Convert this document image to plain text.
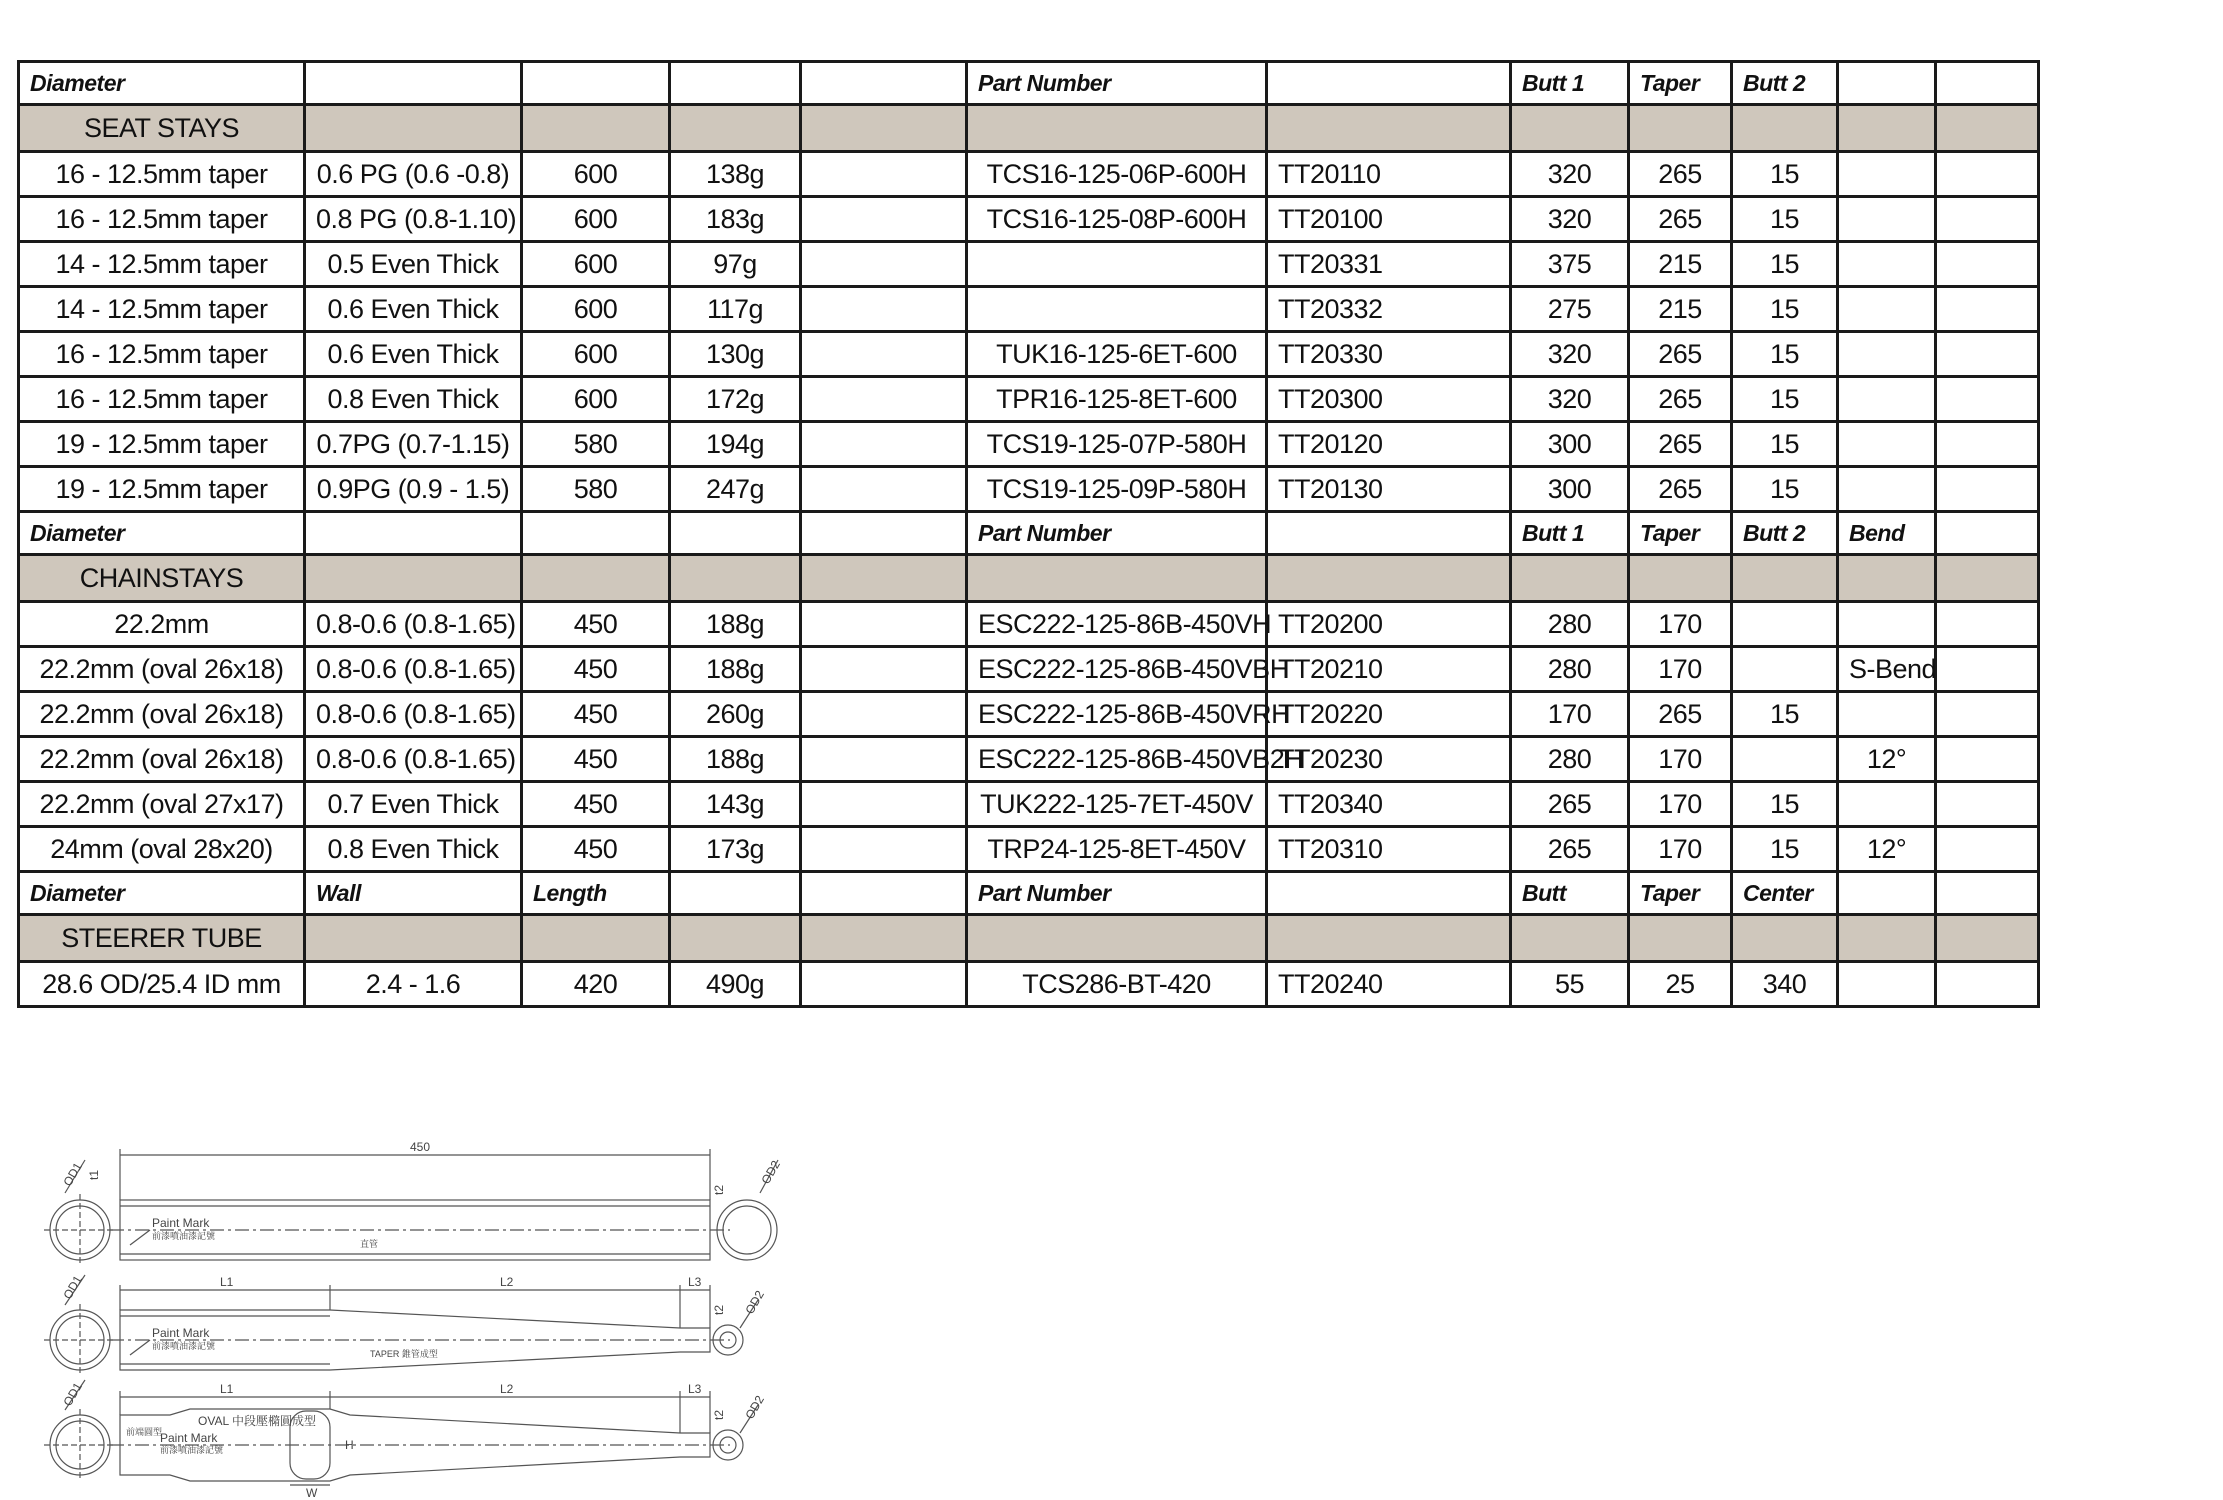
Diameter					Part Number		Butt 1	Taper	Butt 2		
SEAT STAYS											
16 - 12.5mm taper	0.6 PG (0.6 -0.8)	600	138g		TCS16-125-06P-600H	TT20110	320	265	15		
16 - 12.5mm taper	0.8 PG (0.8-1.10)	600	183g		TCS16-125-08P-600H	TT20100	320	265	15		
14 - 12.5mm taper	0.5 Even Thick	600	97g			TT20331	375	215	15		
14 - 12.5mm taper	0.6 Even Thick	600	117g			TT20332	275	215	15		
16 - 12.5mm taper	0.6 Even Thick	600	130g		TUK16-125-6ET-600	TT20330	320	265	15		
16 - 12.5mm taper	0.8 Even Thick	600	172g		TPR16-125-8ET-600	TT20300	320	265	15		
19 - 12.5mm taper	0.7PG (0.7-1.15)	580	194g		TCS19-125-07P-580H	TT20120	300	265	15		
19 - 12.5mm taper	0.9PG (0.9 - 1.5)	580	247g		TCS19-125-09P-580H	TT20130	300	265	15		
Diameter					Part Number		Butt 1	Taper	Butt 2	Bend	
CHAINSTAYS											
22.2mm	0.8-0.6 (0.8-1.65)	450	188g		ESC222-125-86B-450VH	TT20200	280	170			
22.2mm (oval 26x18)	0.8-0.6 (0.8-1.65)	450	188g		ESC222-125-86B-450VBH	TT20210	280	170		S-Bend	
22.2mm (oval 26x18)	0.8-0.6 (0.8-1.65)	450	260g		ESC222-125-86B-450VRH	TT20220	170	265	15		
22.2mm (oval 26x18)	0.8-0.6 (0.8-1.65)	450	188g		ESC222-125-86B-450VB2H	TT20230	280	170		12°	
22.2mm (oval 27x17)	0.7 Even Thick	450	143g		TUK222-125-7ET-450V	TT20340	265	170	15		
24mm (oval 28x20)	0.8 Even Thick	450	173g		TRP24-125-8ET-450V	TT20310	265	170	15	12°	
Diameter	Wall	Length			Part Number		Butt	Taper	Center		
STEERER TUBE											
28.6 OD/25.4 ID mm	2.4 - 1.6	420	490g		TCS286-BT-420	TT20240	55	25	340		
450
OD1 t1
t2
OD2
Paint Mark
前漆噴油漆記號
直管
L1	L2	L3
OD1
t2 OD2
Paint Mark
前漆噴油漆記號
TAPER 錐管成型
L1	L2	L3
OD1
t2 OD2
前端圓型
OVAL 中段壓橢圓成型
Paint Mark
前漆噴油漆記號	H
W
